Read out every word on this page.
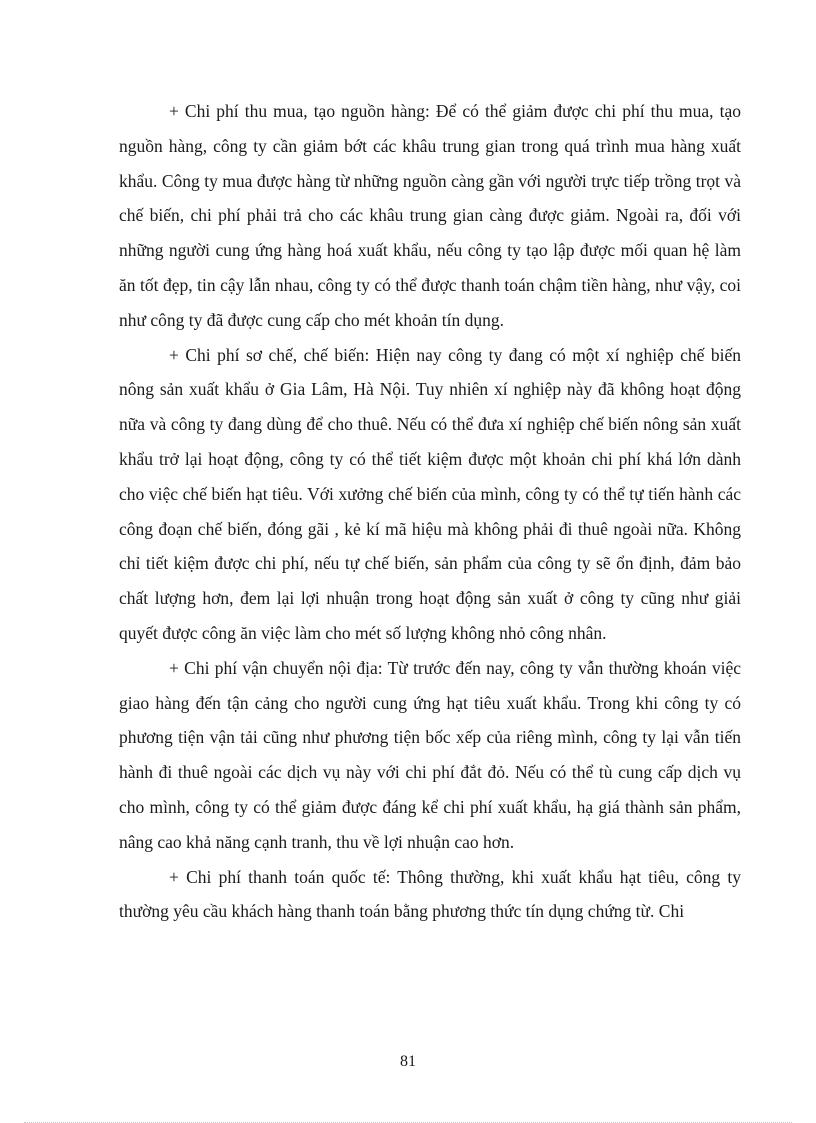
+ Chi phí thu mua, tạo nguồn hàng: Để có thể giảm được chi phí thu mua, tạo nguồn hàng, công ty cần giảm bớt các khâu trung gian trong quá trình mua hàng xuất khẩu. Công ty mua được hàng từ những nguồn càng gần với người trực tiếp trồng trọt và chế biến, chi phí phải trả cho các khâu trung gian càng được giảm. Ngoài ra, đối với những người cung ứng hàng hoá xuất khẩu, nếu công ty tạo lập được mối quan hệ làm ăn tốt đẹp, tin cậy lẫn nhau, công ty có thể được thanh toán chậm tiền hàng, như vậy, coi như công ty đã được cung cấp cho mét khoản tín dụng.

+ Chi phí sơ chế, chế biến: Hiện nay công ty đang có một xí nghiệp chế biến nông sản xuất khẩu ở Gia Lâm, Hà Nội. Tuy nhiên xí nghiệp này đã không hoạt động nữa và công ty đang dùng để cho thuê. Nếu có thể đưa xí nghiệp chế biến nông sản xuất khẩu trở lại hoạt động, công ty có thể tiết kiệm được một khoản chi phí khá lớn dành cho việc chế biến hạt tiêu. Với xưởng chế biến của mình, công ty có thể tự tiến hành các công đoạn chế biến, đóng gãi , kẻ kí mã hiệu mà không phải đi thuê ngoài nữa. Không chỉ tiết kiệm được chi phí, nếu tự chế biến, sản phẩm của công ty sẽ ổn định, đảm bảo chất lượng hơn, đem lại lợi nhuận trong hoạt động sản xuất ở công ty cũng như giải quyết được công ăn việc làm cho mét số lượng không nhỏ công nhân.

+ Chi phí vận chuyển nội địa: Từ trước đến nay, công ty vẫn thường khoán việc giao hàng đến tận cảng cho người cung ứng hạt tiêu xuất khẩu. Trong khi công ty có phương tiện vận tải cũng như phương tiện bốc xếp của riêng mình, công ty lại vẫn tiến hành đi thuê ngoài các dịch vụ này với chi phí đắt đỏ. Nếu có thể tù cung cấp dịch vụ cho mình, công ty có thể giảm được đáng kể chi phí xuất khẩu, hạ giá thành sản phẩm, nâng cao khả năng cạnh tranh, thu về lợi nhuận cao hơn.

+ Chi phí thanh toán quốc tế: Thông thường, khi xuất khẩu hạt tiêu, công ty thường yêu cầu khách hàng thanh toán bằng phương thức tín dụng chứng từ. Chi

81
